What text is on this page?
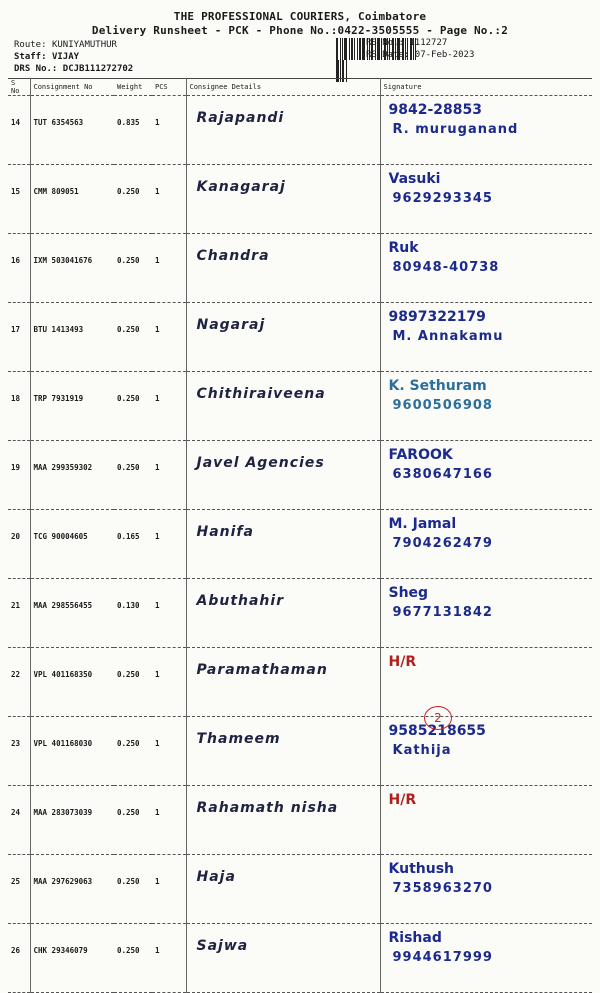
THE PROFESSIONAL COURIERS, Coimbatore
Delivery Runsheet - PCK - Phone No.:0422-3505555 - Page No.:2
Route: KUNIYAMUTHUR
Staff: VIJAY
DRS No.: DCJB111272702
RS No.: 1112727
RS Date: 07-Feb-2023
S No	Consignment No	Weight	PCS	Consignee Details	Signature
14	TUT 6354563	0.835	1	Rajapandi	9842-28853
R. muruganand

15	CMM 809051	0.250	1	Kanagaraj	Vasuki
9629293345

16	IXM 503041676	0.250	1	Chandra	Ruk
80948-40738

17	BTU 1413493	0.250	1	Nagaraj	9897322179
M. Annakamu

18	TRP 7931919	0.250	1	Chithiraiveena	K. Sethuram
9600506908

19	MAA 299359302	0.250	1	Javel Agencies	FAROOK
6380647166

20	TCG 90004605	0.165	1	Hanifa	M. Jamal
7904262479

21	MAA 298556455	0.130	1	Abuthahir	Sheg
9677131842

22	VPL 401168350	0.250	1	Paramathaman	H/R

23	VPL 401168030	0.250	1	Thameem	9585218655
Kathija

24	MAA 283073039	0.250	1	Rahamath nisha	H/R

25	MAA 297629063	0.250	1	Haja	Kuthush
7358963270

26	CHK 29346079	0.250	1	Sajwa	Rishad
9944617999
2
